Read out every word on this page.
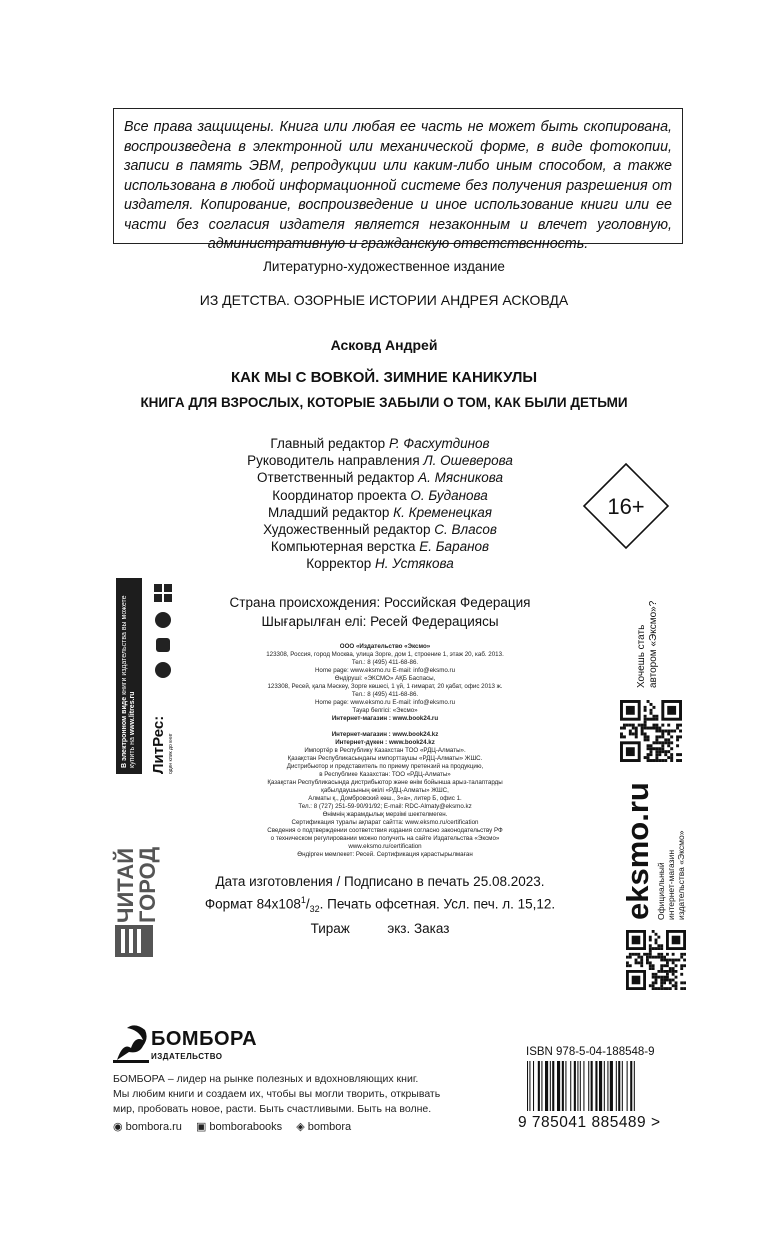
Все права защищены. Книга или любая ее часть не может быть скопирована, воспроизведена в электронной или механической форме, в виде фотокопии, записи в память ЭВМ, репродукции или каким-либо иным способом, а также использована в любой информационной системе без получения разрешения от издателя. Копирование, воспроизведение и иное использование книги или ее части без согласия издателя является незаконным и влечет уголовную, административную и гражданскую ответственность.
Литературно-художественное издание
ИЗ ДЕТСТВА. ОЗОРНЫЕ ИСТОРИИ АНДРЕЯ АСКОВДА
Асковд Андрей
КАК МЫ С ВОВКОЙ. ЗИМНИЕ КАНИКУЛЫ
КНИГА ДЛЯ ВЗРОСЛЫХ, КОТОРЫЕ ЗАБЫЛИ О ТОМ, КАК БЫЛИ ДЕТЬМИ
Главный редактор Р. Фасхутдинов
Руководитель направления Л. Ошеверова
Ответственный редактор А. Мясникова
Координатор проекта О. Буданова
Младший редактор К. Кременецкая
Художественный редактор С. Власов
Компьютерная верстка Е. Баранов
Корректор Н. Устякова
16+
Страна происхождения: Российская Федерация
Шығарылған елі: Ресей Федерациясы
ООО «Издательство «Эксмо»
123308, Россия, город Москва, улица Зорге, дом 1, строение 1, этаж 20, каб. 2013.
Тел.: 8 (495) 411-68-86.
Home page: www.eksmo.ru E-mail: info@eksmo.ru
Өндіруші: «ЭКСМО» АҚБ Баспасы,
123308, Ресей, қала Мәскеу, Зорге көшесі, 1 үй, 1 ғимарат, 20 қабат, офис 2013 ж.
Тел.: 8 (495) 411-68-86.
Home page: www.eksmo.ru E-mail: info@eksmo.ru
Тауар белгісі: «Эксмо»
Интернет-магазин : www.book24.ru

Интернет-магазин : www.book24.kz
Интернет-дүкен : www.book24.kz
Импортёр в Республику Казахстан ТОО «РДЦ-Алматы».
Қазақстан Республикасындағы импорттаушы «РДЦ-Алматы» ЖШС.
Дистрибьютор и представитель по приему претензий на продукцию,
в Республике Казахстан: ТОО «РДЦ-Алматы»
Қазақстан Республикасында дистрибьютор және өнім бойынша арыз-талаптарды
қабылдаушының өкілі «РДЦ-Алматы» ЖШС,
Алматы қ., Домбровский көш., 3«а», литер Б, офис 1.
Тел.: 8 (727) 251-59-90/91/92; E-mail: RDC-Almaty@eksmo.kz
Өнімнің жарамдылық мерзімі шектелмеген.
Сертификация туралы ақпарат сайтта: www.eksmo.ru/certification
Сведения о подтверждении соответствия издания согласно законодательству РФ
о техническом регулировании можно получить на сайте Издательства «Эксмо»
www.eksmo.ru/certification
Өндірген мемлекет: Ресей. Сертификация қарастырылмаған
Дата изготовления / Подписано в печать 25.08.2023.
Формат $84x108^1/_{32}$. Печать офсетная. Усл. печ. л. 15,12.
Тираж          экз. Заказ
В электронном виде книги издательства вы можете
купить на www.litres.ru
ЛитРес: один клик до книг
ЧИТАЙ
ГОРОД
Хочешь стать автором «Эксмо»?
eksmo.ru Официальный интернет-магазин издательства «Эксмо»
БОМБОРА
ИЗДАТЕЛЬСТВО
БОМБОРА – лидер на рынке полезных и вдохновляющих книг.
Мы любим книги и создаем их, чтобы вы могли творить, открывать
мир, пробовать новое, расти. Быть счастливыми. Быть на волне.
◉ bombora.ru ▣ bomborabooks ◈ bombora
ISBN 978-5-04-188548-9
9 785041 885489 >
